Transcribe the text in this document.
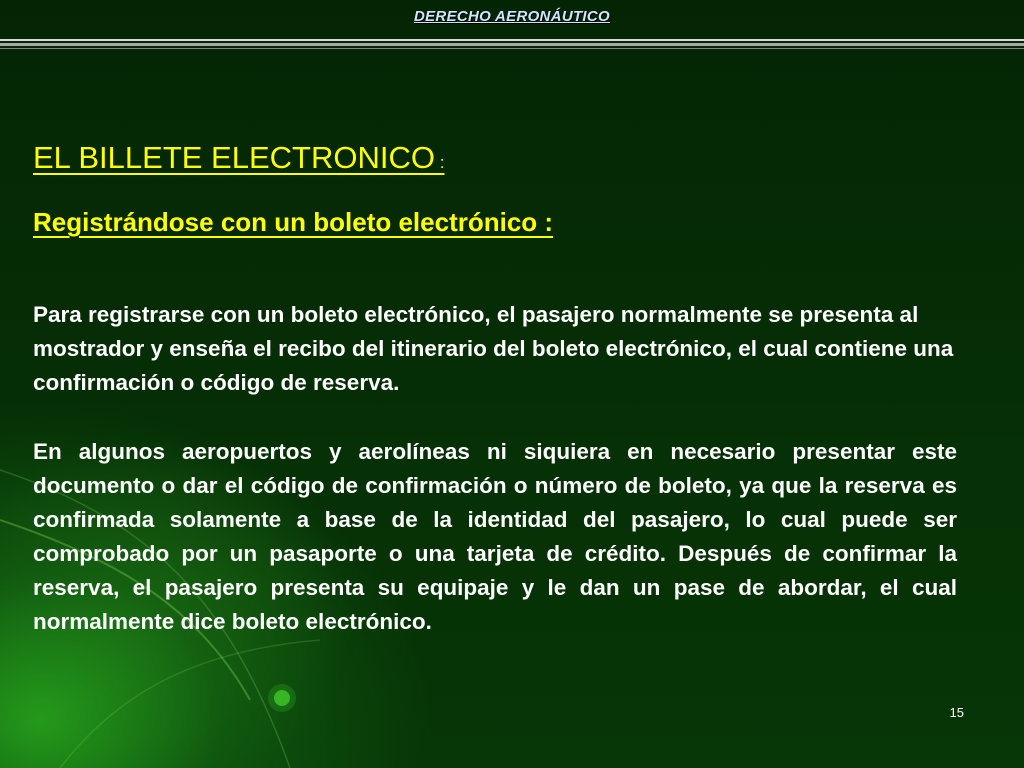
DERECHO AERONÁUTICO
EL BILLETE ELECTRONICO :
Registrándose con un boleto electrónico :

Para registrarse con un boleto electrónico, el pasajero normalmente se presenta al mostrador y enseña el recibo del itinerario del boleto electrónico, el cual contiene una confirmación o código de reserva.

En algunos aeropuertos y aerolíneas ni siquiera en necesario presentar este documento o dar el código de confirmación o número de boleto, ya que la reserva es confirmada solamente a base de la identidad del pasajero, lo cual puede ser comprobado por un pasaporte o una tarjeta de crédito. Después de confirmar la reserva, el pasajero presenta su equipaje y le dan un pase de abordar, el cual normalmente dice boleto electrónico.

15
